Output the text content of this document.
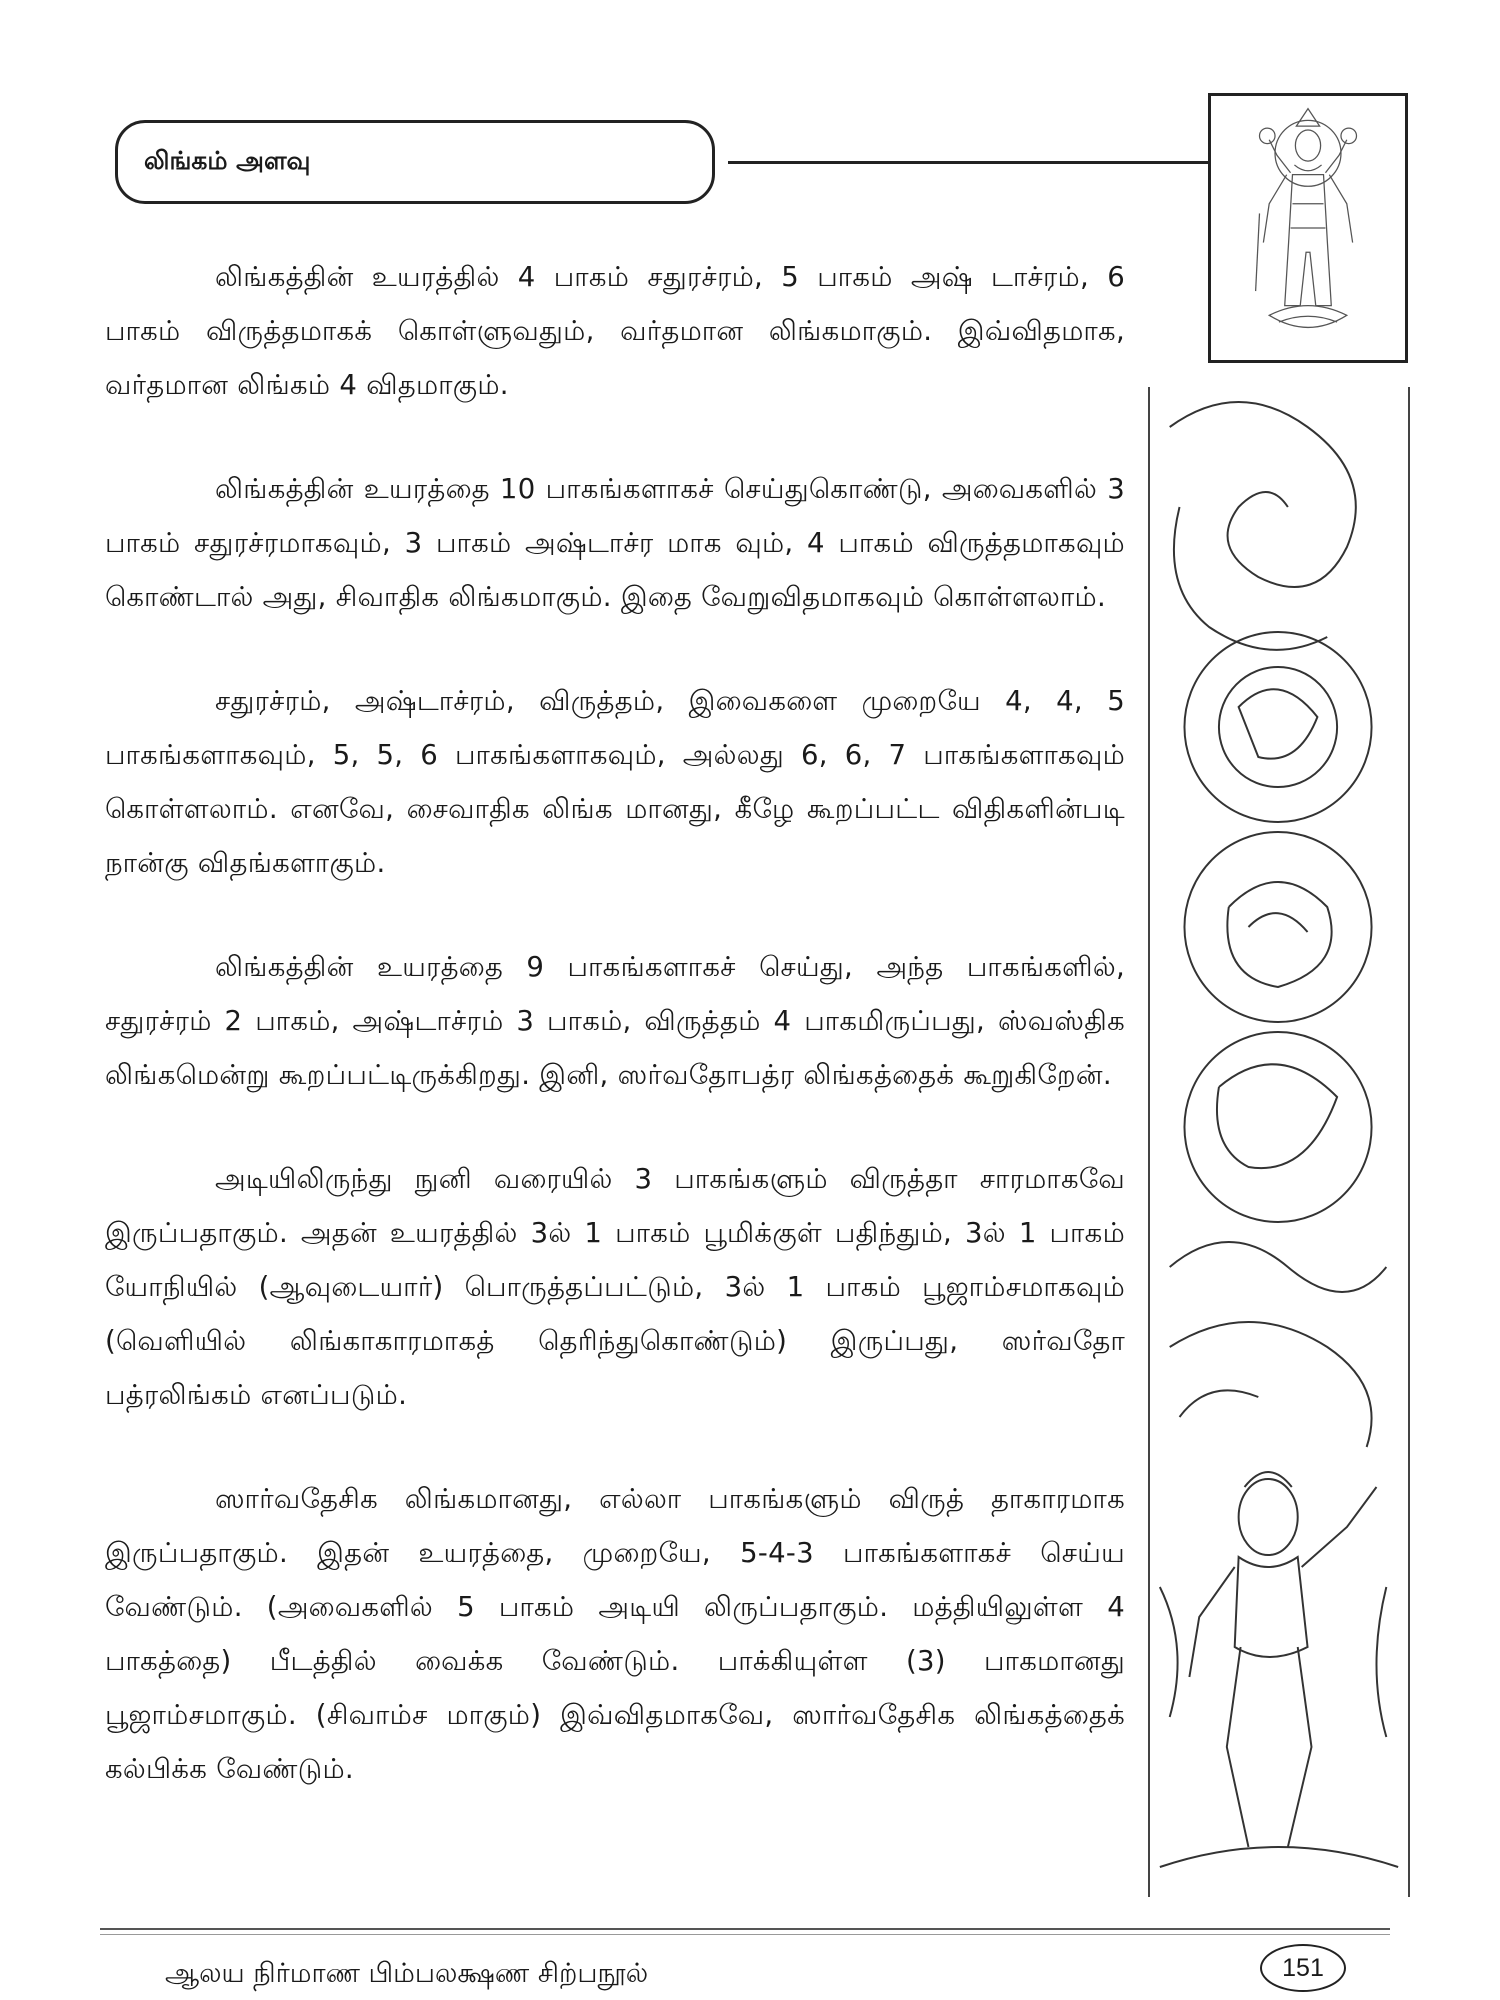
லிங்கம் அளவு

லிங்கத்தின் உயரத்தில் 4 பாகம் சதுரச்ரம், 5 பாகம் அஷ் டாச்ரம், 6 பாகம் விருத்தமாகக் கொள்ளுவதும், வர்தமான லிங்கமாகும். இவ்விதமாக, வர்தமான லிங்கம் 4 விதமாகும்.

லிங்கத்தின் உயரத்தை 10 பாகங்களாகச் செய்துகொண்டு, அவைகளில் 3 பாகம் சதுரச்ரமாகவும், 3 பாகம் அஷ்டாச்ர மாக வும், 4 பாகம் விருத்தமாகவும் கொண்டால் அது, சிவாதிக லிங்கமாகும். இதை வேறுவிதமாகவும் கொள்ளலாம்.

சதுரச்ரம், அஷ்டாச்ரம், விருத்தம், இவைகளை முறையே 4, 4, 5 பாகங்களாகவும், 5, 5, 6 பாகங்களாகவும், அல்லது 6, 6, 7 பாகங்களாகவும் கொள்ளலாம். எனவே, சைவாதிக லிங்க மானது, கீழே கூறப்பட்ட விதிகளின்படி நான்கு விதங்களாகும்.

லிங்கத்தின் உயரத்தை 9 பாகங்களாகச் செய்து, அந்த பாகங்களில், சதுரச்ரம் 2 பாகம், அஷ்டாச்ரம் 3 பாகம், விருத்தம் 4 பாகமிருப்பது, ஸ்வஸ்திக லிங்கமென்று கூறப்பட்டிருக்கிறது. இனி, ஸர்வதோபத்ர லிங்கத்தைக் கூறுகிறேன்.

அடியிலிருந்து நுனி வரையில் 3 பாகங்களும் விருத்தா சாரமாகவே இருப்பதாகும். அதன் உயரத்தில் 3ல் 1 பாகம் பூமிக்குள் பதிந்தும், 3ல் 1 பாகம் யோநியில் (ஆவுடையார்) பொருத்தப்பட்டும், 3ல் 1 பாகம் பூஜாம்சமாகவும் (வெளியில் லிங்காகாரமாகத் தெரிந்துகொண்டும்) இருப்பது, ஸர்வதோ பத்ரலிங்கம் எனப்படும்.

ஸார்வதேசிக லிங்கமானது, எல்லா பாகங்களும் விருத் தாகாரமாக இருப்பதாகும். இதன் உயரத்தை, முறையே, 5-4-3 பாகங்களாகச் செய்ய வேண்டும். (அவைகளில் 5 பாகம் அடியி லிருப்பதாகும். மத்தியிலுள்ள 4 பாகத்தை) பீடத்தில் வைக்க வேண்டும். பாக்கியுள்ள (3) பாகமானது பூஜாம்சமாகும். (சிவாம்ச மாகும்) இவ்விதமாகவே, ஸார்வதேசிக லிங்கத்தைக் கல்பிக்க வேண்டும்.

ஆலய நிர்மாண பிம்பலக்ஷண சிற்பநூல்	151
